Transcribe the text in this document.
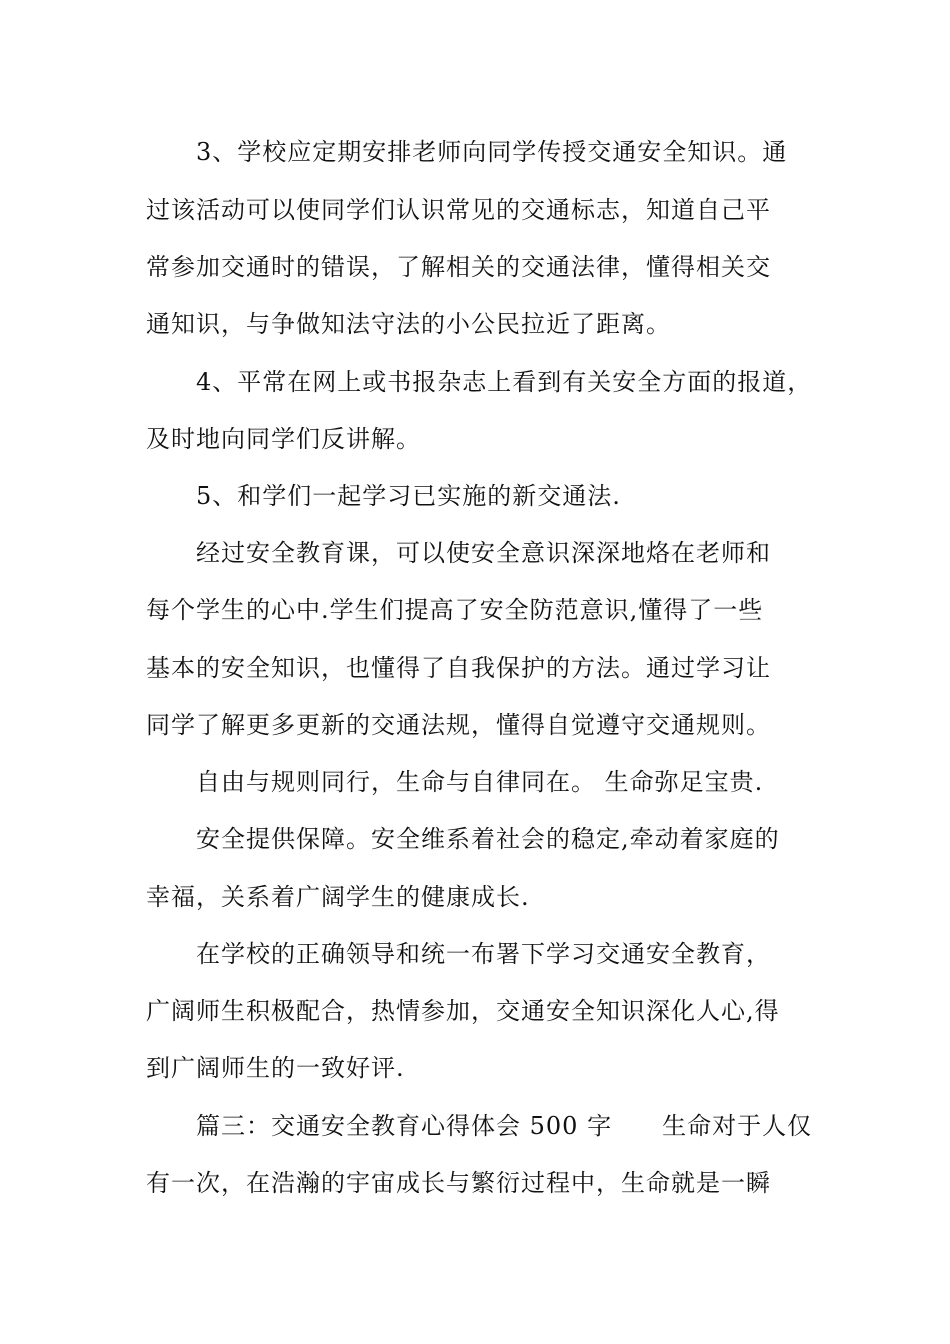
3、学校应定期安排老师向同学传授交通安全知识。通
过该活动可以使同学们认识常见的交通标志，知道自己平
常参加交通时的错误，了解相关的交通法律，懂得相关交
通知识，与争做知法守法的小公民拉近了距离。
4、平常在网上或书报杂志上看到有关安全方面的报道，
及时地向同学们反讲解。
5、和学们一起学习已实施的新交通法.
经过安全教育课，可以使安全意识深深地烙在老师和
每个学生的心中.学生们提高了安全防范意识,懂得了一些
基本的安全知识，也懂得了自我保护的方法。通过学习让
同学了解更多更新的交通法规，懂得自觉遵守交通规则。
自由与规则同行，生命与自律同在。 生命弥足宝贵.
安全提供保障。安全维系着社会的稳定,牵动着家庭的
幸福，关系着广阔学生的健康成长.
在学校的正确领导和统一布署下学习交通安全教育，
广阔师生积极配合，热情参加，交通安全知识深化人心,得
到广阔师生的一致好评.
篇三：交通安全教育心得体会 500 字　　生命对于人仅
有一次，在浩瀚的宇宙成长与繁衍过程中，生命就是一瞬
